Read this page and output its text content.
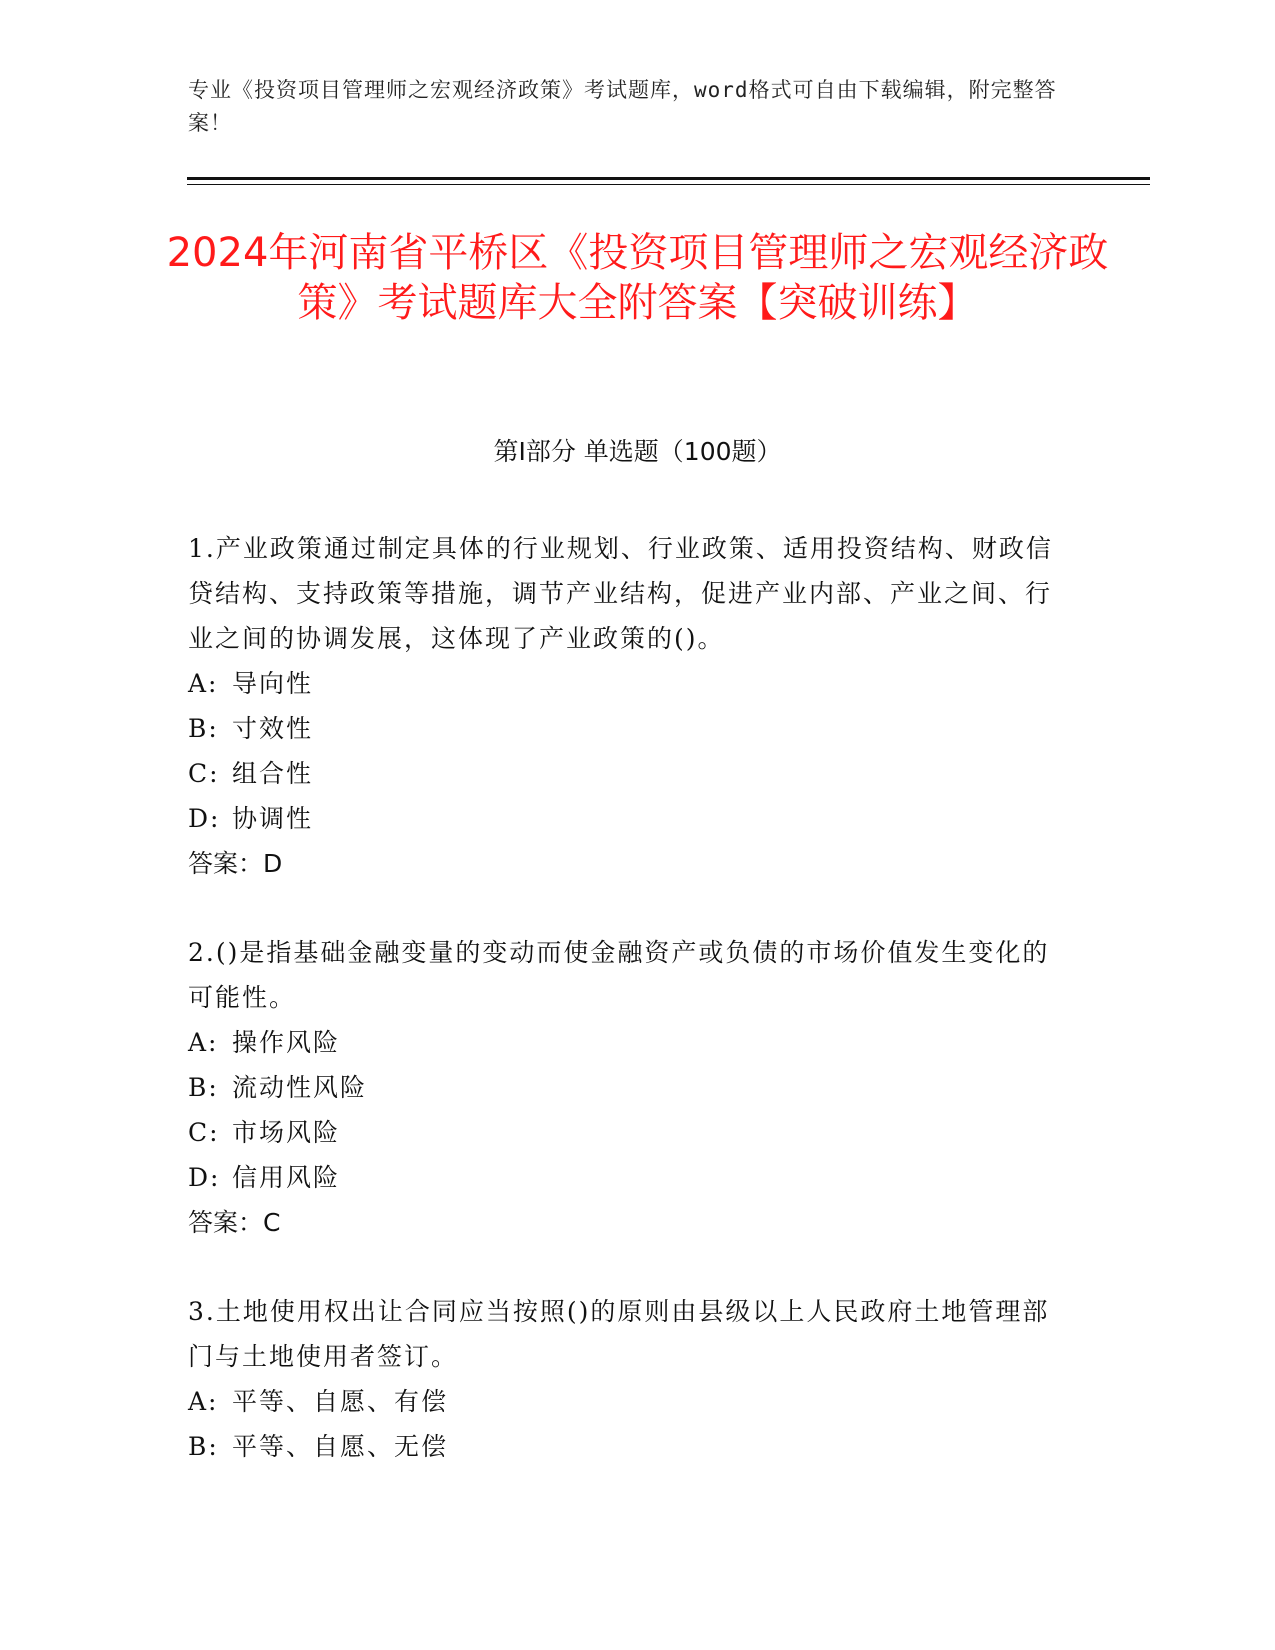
专业《投资项目管理师之宏观经济政策》考试题库，word格式可自由下载编辑，附完整答案！
2024年河南省平桥区《投资项目管理师之宏观经济政策》考试题库大全附答案【突破训练】
第I部分 单选题（100题）

1.产业政策通过制定具体的行业规划、行业政策、适用投资结构、财政信贷结构、支持政策等措施，调节产业结构，促进产业内部、产业之间、行业之间的协调发展，这体现了产业政策的()。

A: 导向性

B: 寸效性

C: 组合性

D: 协调性

答案：D

2.()是指基础金融变量的变动而使金融资产或负债的市场价值发生变化的可能性。

A: 操作风险

B: 流动性风险

C: 市场风险

D: 信用风险

答案：C

3.土地使用权出让合同应当按照()的原则由县级以上人民政府土地管理部门与土地使用者签订。

A: 平等、自愿、有偿

B: 平等、自愿、无偿
